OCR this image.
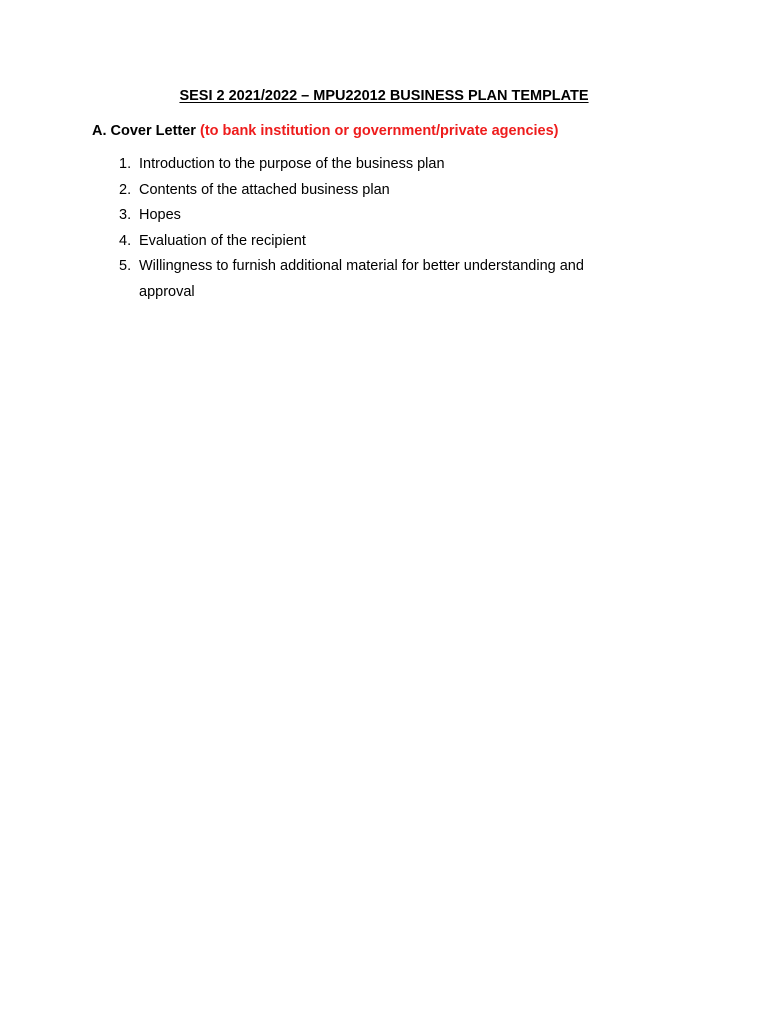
SESI 2 2021/2022 – MPU22012 BUSINESS PLAN TEMPLATE
A. Cover Letter (to bank institution or government/private agencies)
1. Introduction to the purpose of the business plan
2. Contents of the attached business plan
3. Hopes
4. Evaluation of the recipient
5. Willingness to furnish additional material for better understanding and approval
